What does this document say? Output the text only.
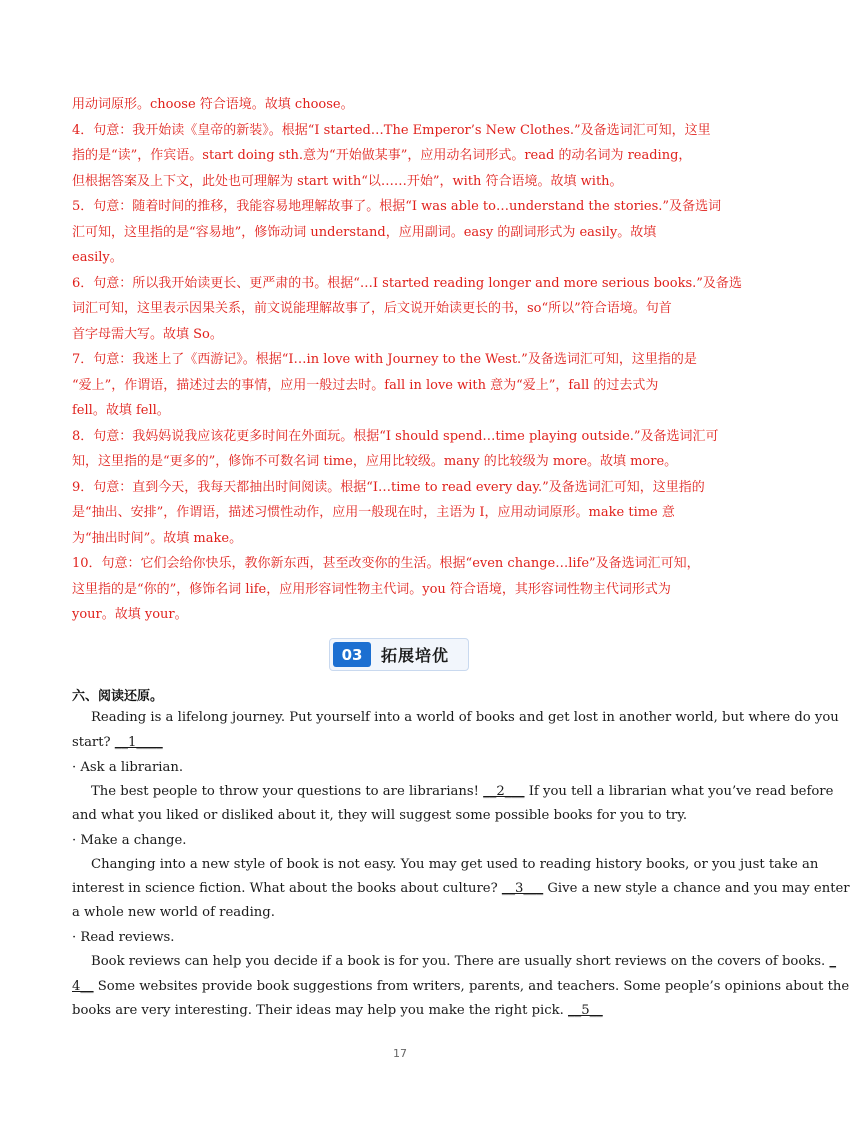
用动词原形。choose 符合语境。故填 choose。
4．句意：我开始读《皇帝的新装》。根据“I started…The Emperor’s New Clothes.”及备选词汇可知，这里
指的是“读”，作宾语。start doing sth.意为“开始做某事”，应用动名词形式。read 的动名词为 reading，
但根据答案及上下文，此处也可理解为 start with“以……开始”，with 符合语境。故填 with。
5．句意：随着时间的推移，我能容易地理解故事了。根据“I was able to…understand the stories.”及备选词
汇可知，这里指的是“容易地”，修饰动词 understand，应用副词。easy 的副词形式为 easily。故填
easily。
6．句意：所以我开始读更长、更严肃的书。根据“…I started reading longer and more serious books.”及备选
词汇可知，这里表示因果关系，前文说能理解故事了，后文说开始读更长的书，so“所以”符合语境。句首
首字母需大写。故填 So。
7．句意：我迷上了《西游记》。根据“I…in love with Journey to the West.”及备选词汇可知，这里指的是
“爱上”，作谓语，描述过去的事情，应用一般过去时。fall in love with 意为“爱上”，fall 的过去式为
fell。故填 fell。
8．句意：我妈妈说我应该花更多时间在外面玩。根据“I should spend…time playing outside.”及备选词汇可
知，这里指的是“更多的”，修饰不可数名词 time，应用比较级。many 的比较级为 more。故填 more。
9．句意：直到今天，我每天都抽出时间阅读。根据“I…time to read every day.”及备选词汇可知，这里指的
是“抽出、安排”，作谓语，描述习惯性动作，应用一般现在时，主语为 I，应用动词原形。make time 意
为“抽出时间”。故填 make。
10．句意：它们会给你快乐，教你新东西，甚至改变你的生活。根据“even change…life”及备选词汇可知，
这里指的是“你的”，修饰名词 life，应用形容词性物主代词。you 符合语境，其形容词性物主代词形式为
your。故填 your。
03	拓展培优
六、阅读还原。
Reading is a lifelong journey. Put yourself into a world of books and get lost in another world, but where do you
start? __1____
· Ask a librarian.
The best people to throw your questions to are librarians! __2___ If you tell a librarian what you’ve read before
and what you liked or disliked about it, they will suggest some possible books for you to try.
· Make a change.
Changing into a new style of book is not easy. You may get used to reading history books, or you just take an
interest in science fiction. What about the books about culture? __3___ Give a new style a chance and you may enter
a whole new world of reading.
· Read reviews.
Book reviews can help you decide if a book is for you. There are usually short reviews on the covers of books. _
4__ Some websites provide book suggestions from writers, parents, and teachers. Some people’s opinions about the
books are very interesting. Their ideas may help you make the right pick. __5__
17
